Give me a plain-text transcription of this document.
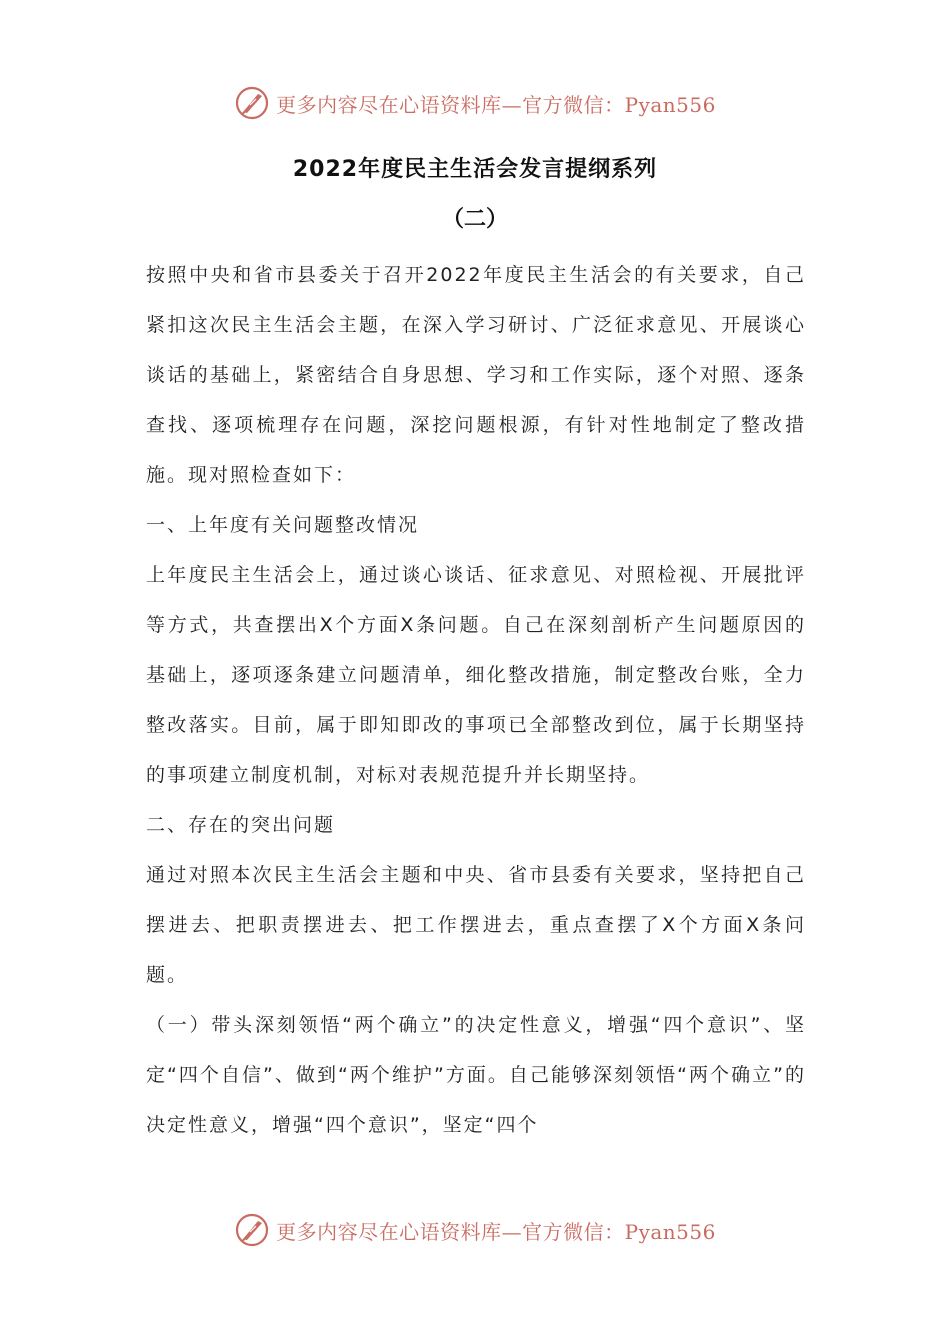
更多内容尽在心语资料库—官方微信：Pyan556
2022年度民主生活会发言提纲系列
（二）

按照中央和省市县委关于召开2022年度民主生活会的有关要求，自己紧扣这次民主生活会主题，在深入学习研讨、广泛征求意见、开展谈心谈话的基础上，紧密结合自身思想、学习和工作实际，逐个对照、逐条查找、逐项梳理存在问题，深挖问题根源，有针对性地制定了整改措施。现对照检查如下：

一、上年度有关问题整改情况

上年度民主生活会上，通过谈心谈话、征求意见、对照检视、开展批评等方式，共查摆出X个方面X条问题。自己在深刻剖析产生问题原因的基础上，逐项逐条建立问题清单，细化整改措施，制定整改台账，全力整改落实。目前，属于即知即改的事项已全部整改到位，属于长期坚持的事项建立制度机制，对标对表规范提升并长期坚持。

二、存在的突出问题

通过对照本次民主生活会主题和中央、省市县委有关要求，坚持把自己摆进去、把职责摆进去、把工作摆进去，重点查摆了X个方面X条问题。

（一）带头深刻领悟“两个确立”的决定性意义，增强“四个意识”、坚定“四个自信”、做到“两个维护”方面。自己能够深刻领悟“两个确立”的决定性意义，增强“四个意识”，坚定“四个

更多内容尽在心语资料库—官方微信：Pyan556
